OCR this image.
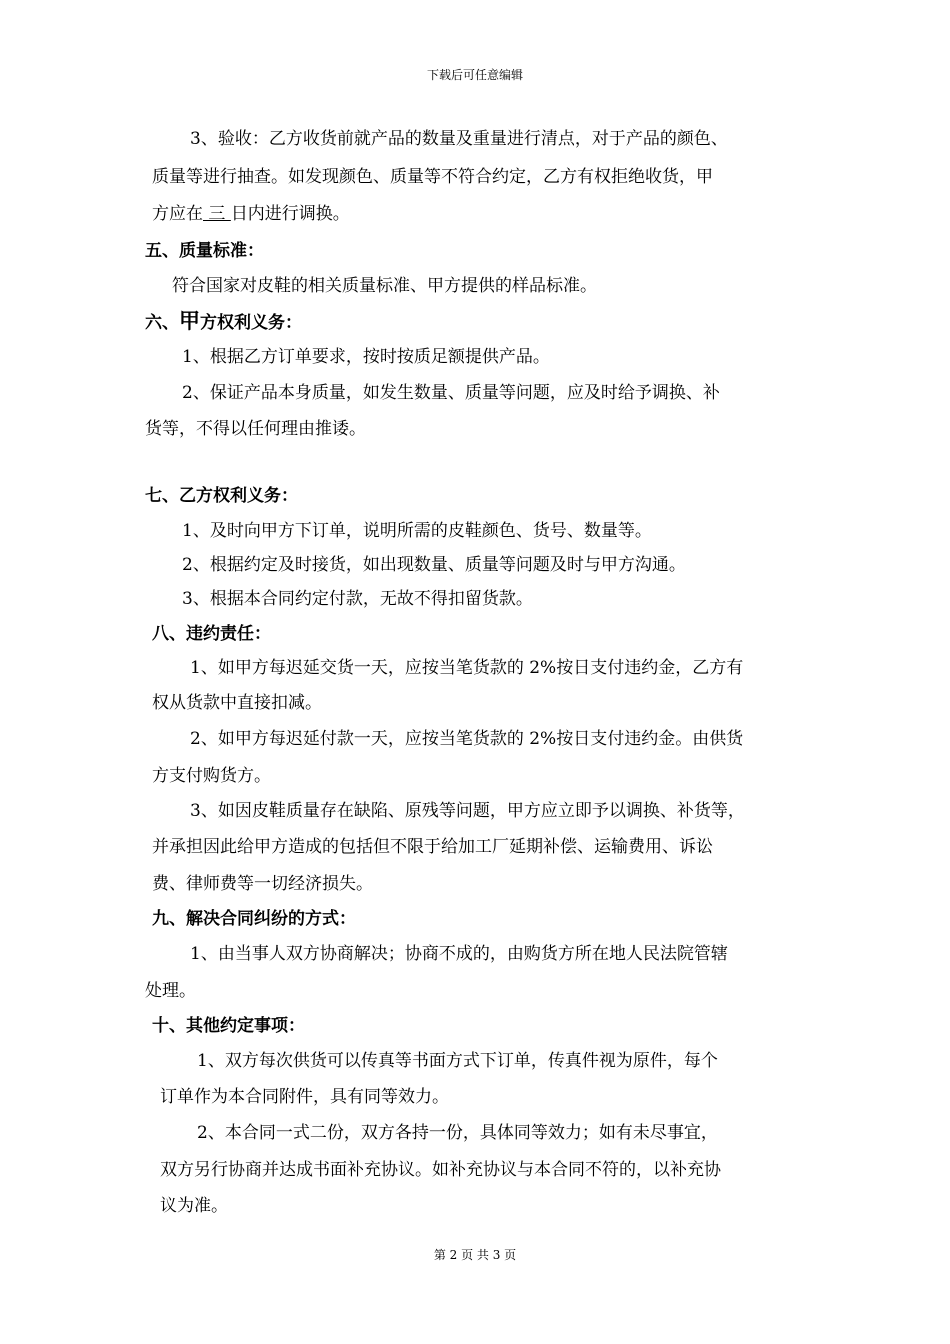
下载后可任意编辑
3、验收：乙方收货前就产品的数量及重量进行清点，对于产品的颜色、
质量等进行抽查。如发现颜色、质量等不符合约定，乙方有权拒绝收货，甲
方应在 三 日内进行调换。
五、质量标准：
符合国家对皮鞋的相关质量标准、甲方提供的样品标准。
六、甲方权利义务：
1、根据乙方订单要求，按时按质足额提供产品。
2、保证产品本身质量，如发生数量、质量等问题，应及时给予调换、补
货等，不得以任何理由推诿。
七、乙方权利义务：
1、及时向甲方下订单，说明所需的皮鞋颜色、货号、数量等。
2、根据约定及时接货，如出现数量、质量等问题及时与甲方沟通。
3、根据本合同约定付款，无故不得扣留货款。
八、违约责任：
1、如甲方每迟延交货一天，应按当笔货款的 2%按日支付违约金，乙方有
权从货款中直接扣减。
2、如甲方每迟延付款一天，应按当笔货款的 2%按日支付违约金。由供货
方支付购货方。
3、如因皮鞋质量存在缺陷、原残等问题，甲方应立即予以调换、补货等，
并承担因此给甲方造成的包括但不限于给加工厂延期补偿、运输费用、诉讼
费、律师费等一切经济损失。
九、解决合同纠纷的方式：
1、由当事人双方协商解决；协商不成的，由购货方所在地人民法院管辖
处理。
十、其他约定事项：
1、双方每次供货可以传真等书面方式下订单，传真件视为原件，每个
订单作为本合同附件，具有同等效力。
2、本合同一式二份，双方各持一份，具体同等效力；如有未尽事宜，
双方另行协商并达成书面补充协议。如补充协议与本合同不符的，以补充协
议为准。
第 2 页 共 3 页
